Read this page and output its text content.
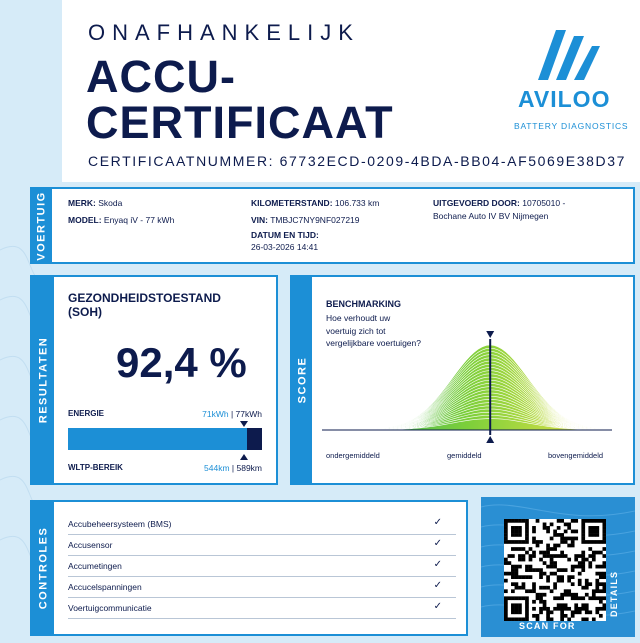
ONAFHANKELIJK
ACCU-
CERTIFICAAT
CERTIFICAATNUMMER: 67732ECD-0209-4BDA-BB04-AF5069E38D37
AVILOO
BATTERY DIAGNOSTICS
VOERTUIG MERK: Skoda
MODEL: Enyaq iV - 77 kWh
KILOMETERSTAND: 106.733 km
VIN: TMBJC7NY9NF027219
DATUM EN TIJD:
26-03-2026 14:41
UITGEVOERD DOOR: 10705010 -
Bochane Auto IV BV Nijmegen
RESULTATEN
GEZONDHEIDSTOESTAND
(SOH)
92,4 %
ENERGIE	71kWh | 77kWh
WLTP-BEREIK	544km | 589km
SCORE
BENCHMARKING
Hoe verhoudt uw
voertuig zich tot
vergelijkbare voertuigen?
ondergemiddeld	gemiddeld	bovengemiddeld
CONTROLES
Accubeheersysteem (BMS)	✓
Accusensor	✓
Accumetingen	✓
Accucelspanningen	✓
Voertuigcommunicatie	✓
SCAN FOR
DETAILS
